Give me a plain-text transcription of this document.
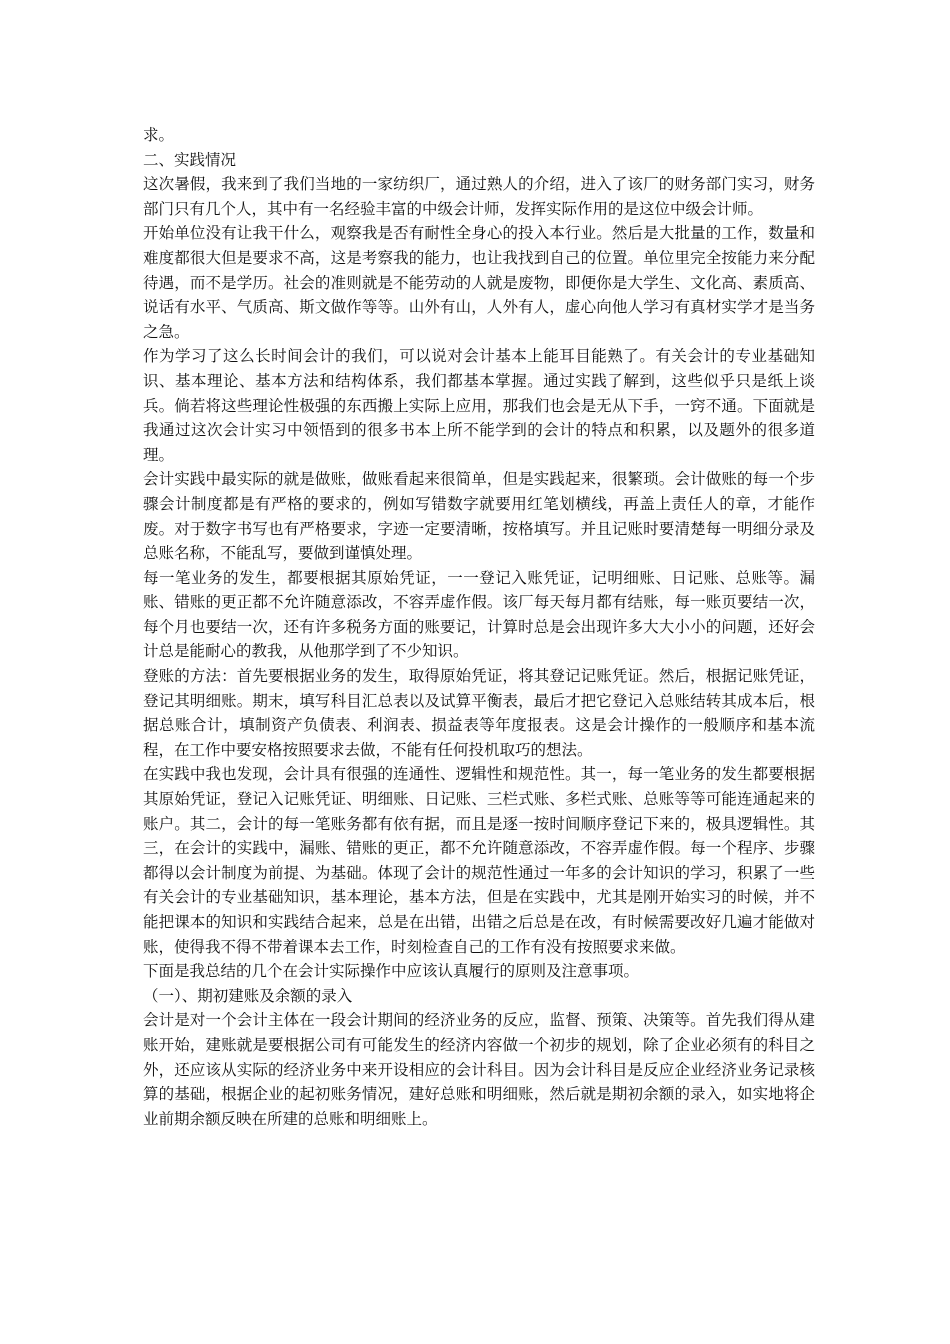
求。

二、实践情况

这次暑假，我来到了我们当地的一家纺织厂，通过熟人的介绍，进入了该厂的财务部门实习，财务部门只有几个人，其中有一名经验丰富的中级会计师，发挥实际作用的是这位中级会计师。

开始单位没有让我干什么，观察我是否有耐性全身心的投入本行业。然后是大批量的工作，数量和难度都很大但是要求不高，这是考察我的能力，也让我找到自己的位置。单位里完全按能力来分配待遇，而不是学历。社会的准则就是不能劳动的人就是废物，即便你是大学生、文化高、素质高、说话有水平、气质高、斯文做作等等。山外有山，人外有人，虚心向他人学习有真材实学才是当务之急。

作为学习了这么长时间会计的我们，可以说对会计基本上能耳目能熟了。有关会计的专业基础知识、基本理论、基本方法和结构体系，我们都基本掌握。通过实践了解到，这些似乎只是纸上谈兵。倘若将这些理论性极强的东西搬上实际上应用，那我们也会是无从下手，一窍不通。下面就是我通过这次会计实习中领悟到的很多书本上所不能学到的会计的特点和积累，以及题外的很多道理。

会计实践中最实际的就是做账，做账看起来很简单，但是实践起来，很繁琐。会计做账的每一个步骤会计制度都是有严格的要求的，例如写错数字就要用红笔划横线，再盖上责任人的章，才能作废。对于数字书写也有严格要求，字迹一定要清晰，按格填写。并且记账时要清楚每一明细分录及总账名称，不能乱写，要做到谨慎处理。

每一笔业务的发生，都要根据其原始凭证，一一登记入账凭证，记明细账、日记账、总账等。漏账、错账的更正都不允许随意添改，不容弄虚作假。该厂每天每月都有结账，每一账页要结一次，每个月也要结一次，还有许多税务方面的账要记，计算时总是会出现许多大大小小的问题，还好会计总是能耐心的教我，从他那学到了不少知识。

登账的方法：首先要根据业务的发生，取得原始凭证，将其登记记账凭证。然后，根据记账凭证，登记其明细账。期末，填写科目汇总表以及试算平衡表，最后才把它登记入总账结转其成本后，根据总账合计，填制资产负债表、利润表、损益表等年度报表。这是会计操作的一般顺序和基本流程，在工作中要安格按照要求去做，不能有任何投机取巧的想法。

在实践中我也发现，会计具有很强的连通性、逻辑性和规范性。其一，每一笔业务的发生都要根据其原始凭证，登记入记账凭证、明细账、日记账、三栏式账、多栏式账、总账等等可能连通起来的账户。其二，会计的每一笔账务都有依有据，而且是逐一按时间顺序登记下来的，极具逻辑性。其三，在会计的实践中，漏账、错账的更正，都不允许随意添改，不容弄虚作假。每一个程序、步骤都得以会计制度为前提、为基础。体现了会计的规范性通过一年多的会计知识的学习，积累了一些有关会计的专业基础知识，基本理论，基本方法，但是在实践中，尤其是刚开始实习的时候，并不能把课本的知识和实践结合起来，总是在出错，出错之后总是在改，有时候需要改好几遍才能做对账，使得我不得不带着课本去工作，时刻检查自己的工作有没有按照要求来做。

下面是我总结的几个在会计实际操作中应该认真履行的原则及注意事项。

（一）、期初建账及余额的录入

会计是对一个会计主体在一段会计期间的经济业务的反应，监督、预策、决策等。首先我们得从建账开始，建账就是要根据公司有可能发生的经济内容做一个初步的规划，除了企业必须有的科目之外，还应该从实际的经济业务中来开设相应的会计科目。因为会计科目是反应企业经济业务记录核算的基础，根据企业的起初账务情况，建好总账和明细账，然后就是期初余额的录入，如实地将企业前期余额反映在所建的总账和明细账上。
